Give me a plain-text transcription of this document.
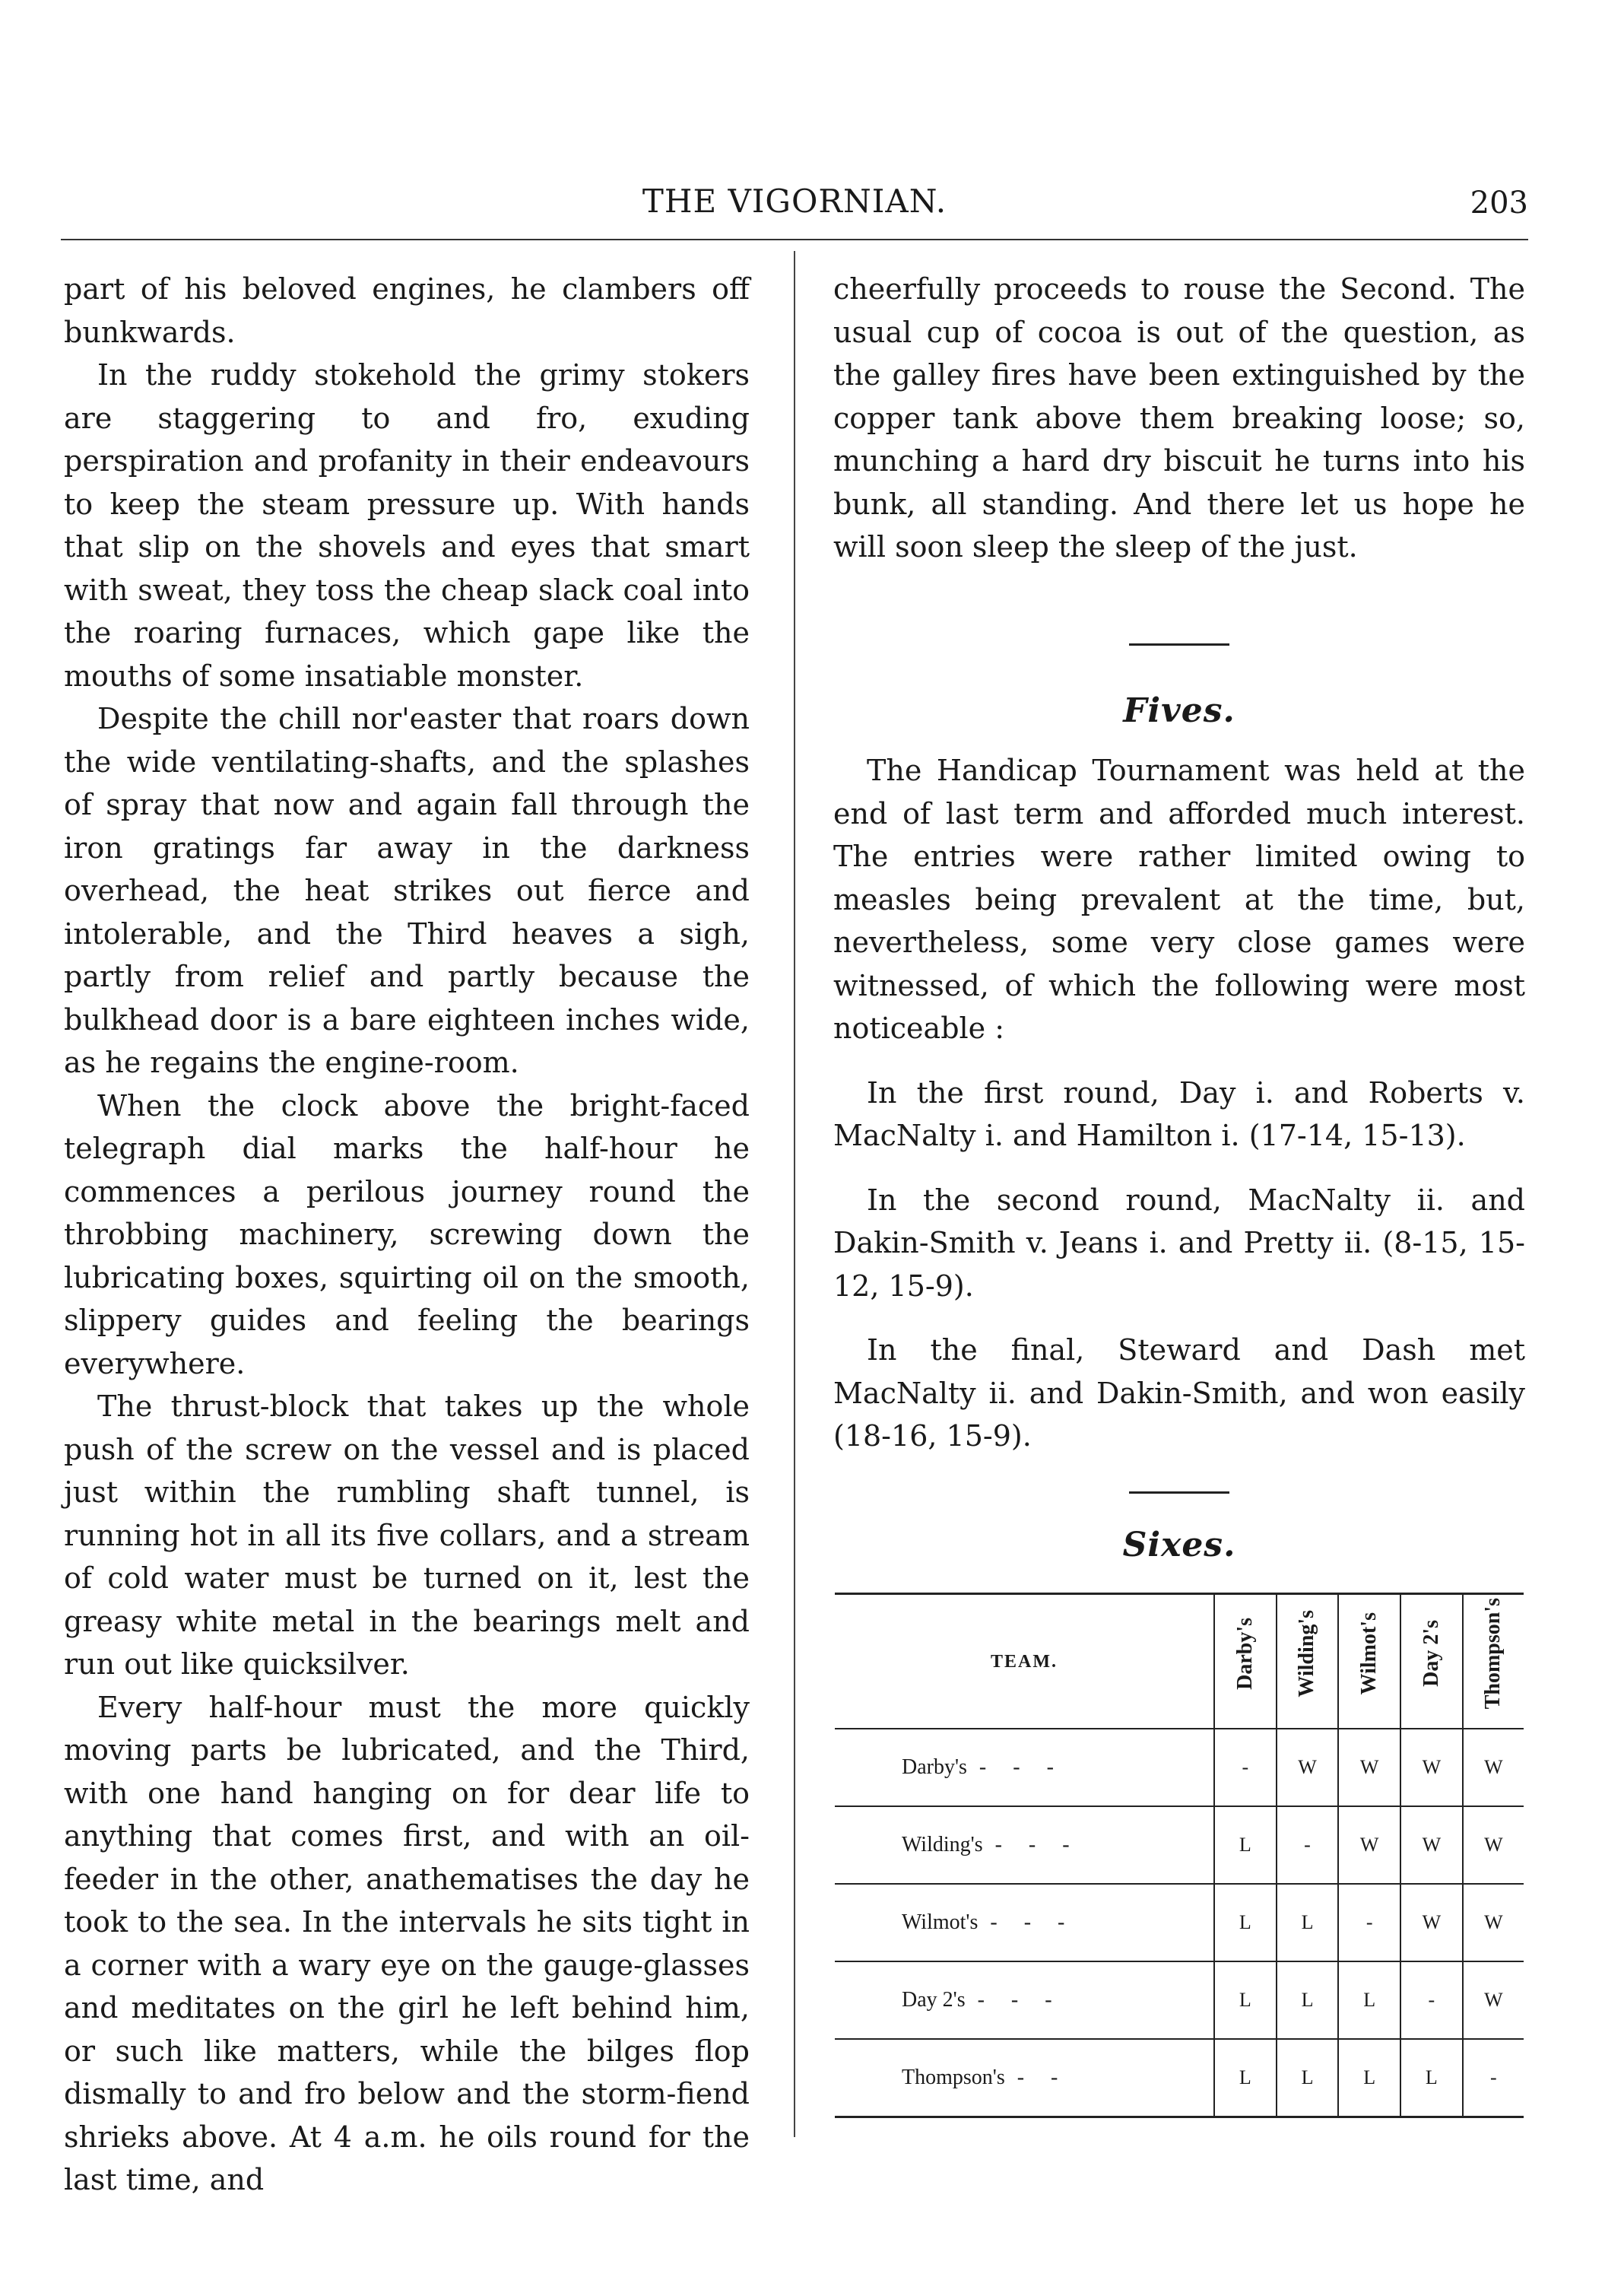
THE VIGORNIAN.	203

part of his beloved engines, he clambers off bunkwards.

In the ruddy stokehold the grimy stokers are staggering to and fro, exuding perspiration and profanity in their endeavours to keep the steam pressure up. With hands that slip on the shovels and eyes that smart with sweat, they toss the cheap slack coal into the roaring furnaces, which gape like the mouths of some insatiable monster.

Despite the chill nor'easter that roars down the wide ventilating-shafts, and the splashes of spray that now and again fall through the iron gratings far away in the darkness overhead, the heat strikes out fierce and intolerable, and the Third heaves a sigh, partly from relief and partly because the bulkhead door is a bare eighteen inches wide, as he regains the engine-room.

When the clock above the bright-faced telegraph dial marks the half-hour he commences a perilous journey round the throbbing machinery, screwing down the lubricating boxes, squirting oil on the smooth, slippery guides and feeling the bearings everywhere.

The thrust-block that takes up the whole push of the screw on the vessel and is placed just within the rumbling shaft tunnel, is running hot in all its five collars, and a stream of cold water must be turned on it, lest the greasy white metal in the bearings melt and run out like quicksilver.

Every half-hour must the more quickly moving parts be lubricated, and the Third, with one hand hanging on for dear life to anything that comes first, and with an oil-feeder in the other, anathematises the day he took to the sea. In the intervals he sits tight in a corner with a wary eye on the gauge-glasses and meditates on the girl he left behind him, or such like matters, while the bilges flop dismally to and fro below and the storm-fiend shrieks above. At 4 a.m. he oils round for the last time, and

cheerfully proceeds to rouse the Second. The usual cup of cocoa is out of the question, as the galley fires have been extinguished by the copper tank above them breaking loose; so, munching a hard dry biscuit he turns into his bunk, all standing. And there let us hope he will soon sleep the sleep of the just.

Fives.

The Handicap Tournament was held at the end of last term and afforded much interest. The entries were rather limited owing to measles being prevalent at the time, but, nevertheless, some very close games were witnessed, of which the following were most noticeable :

In the first round, Day i. and Roberts v. MacNalty i. and Hamilton i. (17-14, 15-13).

In the second round, MacNalty ii. and Dakin-Smith v. Jeans i. and Pretty ii. (8-15, 15-12, 15-9).

In the final, Steward and Dash met MacNalty ii. and Dakin-Smith, and won easily (18-16, 15-9).

Sixes.
TEAM.	Darby's	Wilding's	Wilmot's	Day 2's	Thompson's
Darby's - - -	-	W	W	W	W
Wilding's - - -	L	-	W	W	W
Wilmot's - - -	L	L	-	W	W
Day 2's - - -	L	L	L	-	W
Thompson's - -	L	L	L	L	-
